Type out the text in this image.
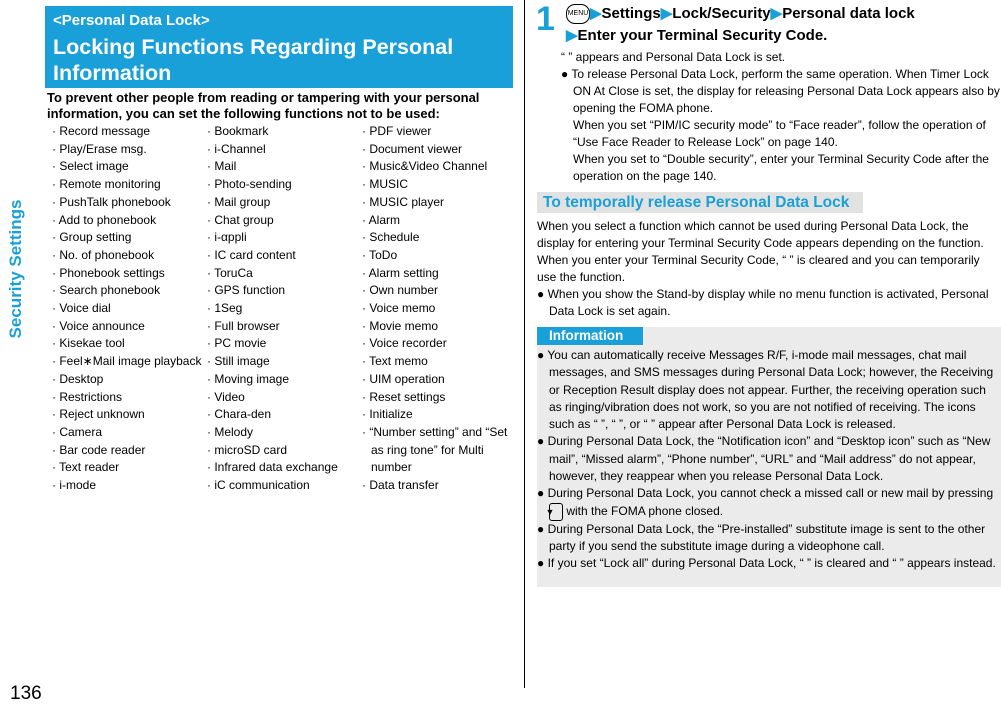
Security Settings
136
<Personal Data Lock>
Locking Functions Regarding Personal Information
To prevent other people from reading or tampering with your personal information, you can set the following functions not to be used:
· Record message
· Play/Erase msg.
· Select image
· Remote monitoring
· PushTalk phonebook
· Add to phonebook
· Group setting
· No. of phonebook
· Phonebook settings
· Search phonebook
· Voice dial
· Voice announce
· Kisekae tool
· Feel∗Mail image playback
· Desktop
· Restrictions
· Reject unknown
· Camera
· Bar code reader
· Text reader
· i-mode
· Bookmark
· i-Channel
· Mail
· Photo-sending
· Mail group
· Chat group
· i-αppli
· IC card content
· ToruCa
· GPS function
· 1Seg
· Full browser
· PC movie
· Still image
· Moving image
· Video
· Chara-den
· Melody
· microSD card
· Infrared data exchange
· iC communication
· PDF viewer
· Document viewer
· Music&Video Channel
· MUSIC
· MUSIC player
· Alarm
· Schedule
· ToDo
· Alarm setting
· Own number
· Voice memo
· Movie memo
· Voice recorder
· Text memo
· UIM operation
· Reset settings
· Initialize
· “Number setting” and “Set as ring tone” for Multi number
· Data transfer
1 MENU ▶Settings▶Lock/Security▶Personal data lock
▶Enter your Terminal Security Code.
“ ” appears and Personal Data Lock is set.
● To release Personal Data Lock, perform the same operation. When Timer Lock ON At Close is set, the display for releasing Personal Data Lock appears also by opening the FOMA phone.
When you set “PIM/IC security mode” to “Face reader”, follow the operation of “Use Face Reader to Release Lock” on page 140.
When you set to “Double security”, enter your Terminal Security Code after the operation on the page 140.
To temporally release Personal Data Lock
When you select a function which cannot be used during Personal Data Lock, the display for entering your Terminal Security Code appears depending on the function. When you enter your Terminal Security Code, “ ” is cleared and you can temporarily use the function.
● When you show the Stand-by display while no menu function is activated, Personal Data Lock is set again.
Information
● You can automatically receive Messages R/F, i-mode mail messages, chat mail messages, and SMS messages during Personal Data Lock; however, the Receiving or Reception Result display does not appear. Further, the receiving operation such as ringing/vibration does not work, so you are not notified of receiving. The icons such as “ ”, “ ”, or “ ” appear after Personal Data Lock is released.
● During Personal Data Lock, the “Notification icon” and “Desktop icon” such as “New mail”, “Missed alarm”, “Phone number”, “URL” and “Mail address” do not appear, however, they reappear when you release Personal Data Lock.
● During Personal Data Lock, you cannot check a missed call or new mail by pressing ▼ with the FOMA phone closed.
● During Personal Data Lock, the “Pre-installed” substitute image is sent to the other party if you send the substitute image during a videophone call.
● If you set “Lock all” during Personal Data Lock, “ ” is cleared and “ ” appears instead.
